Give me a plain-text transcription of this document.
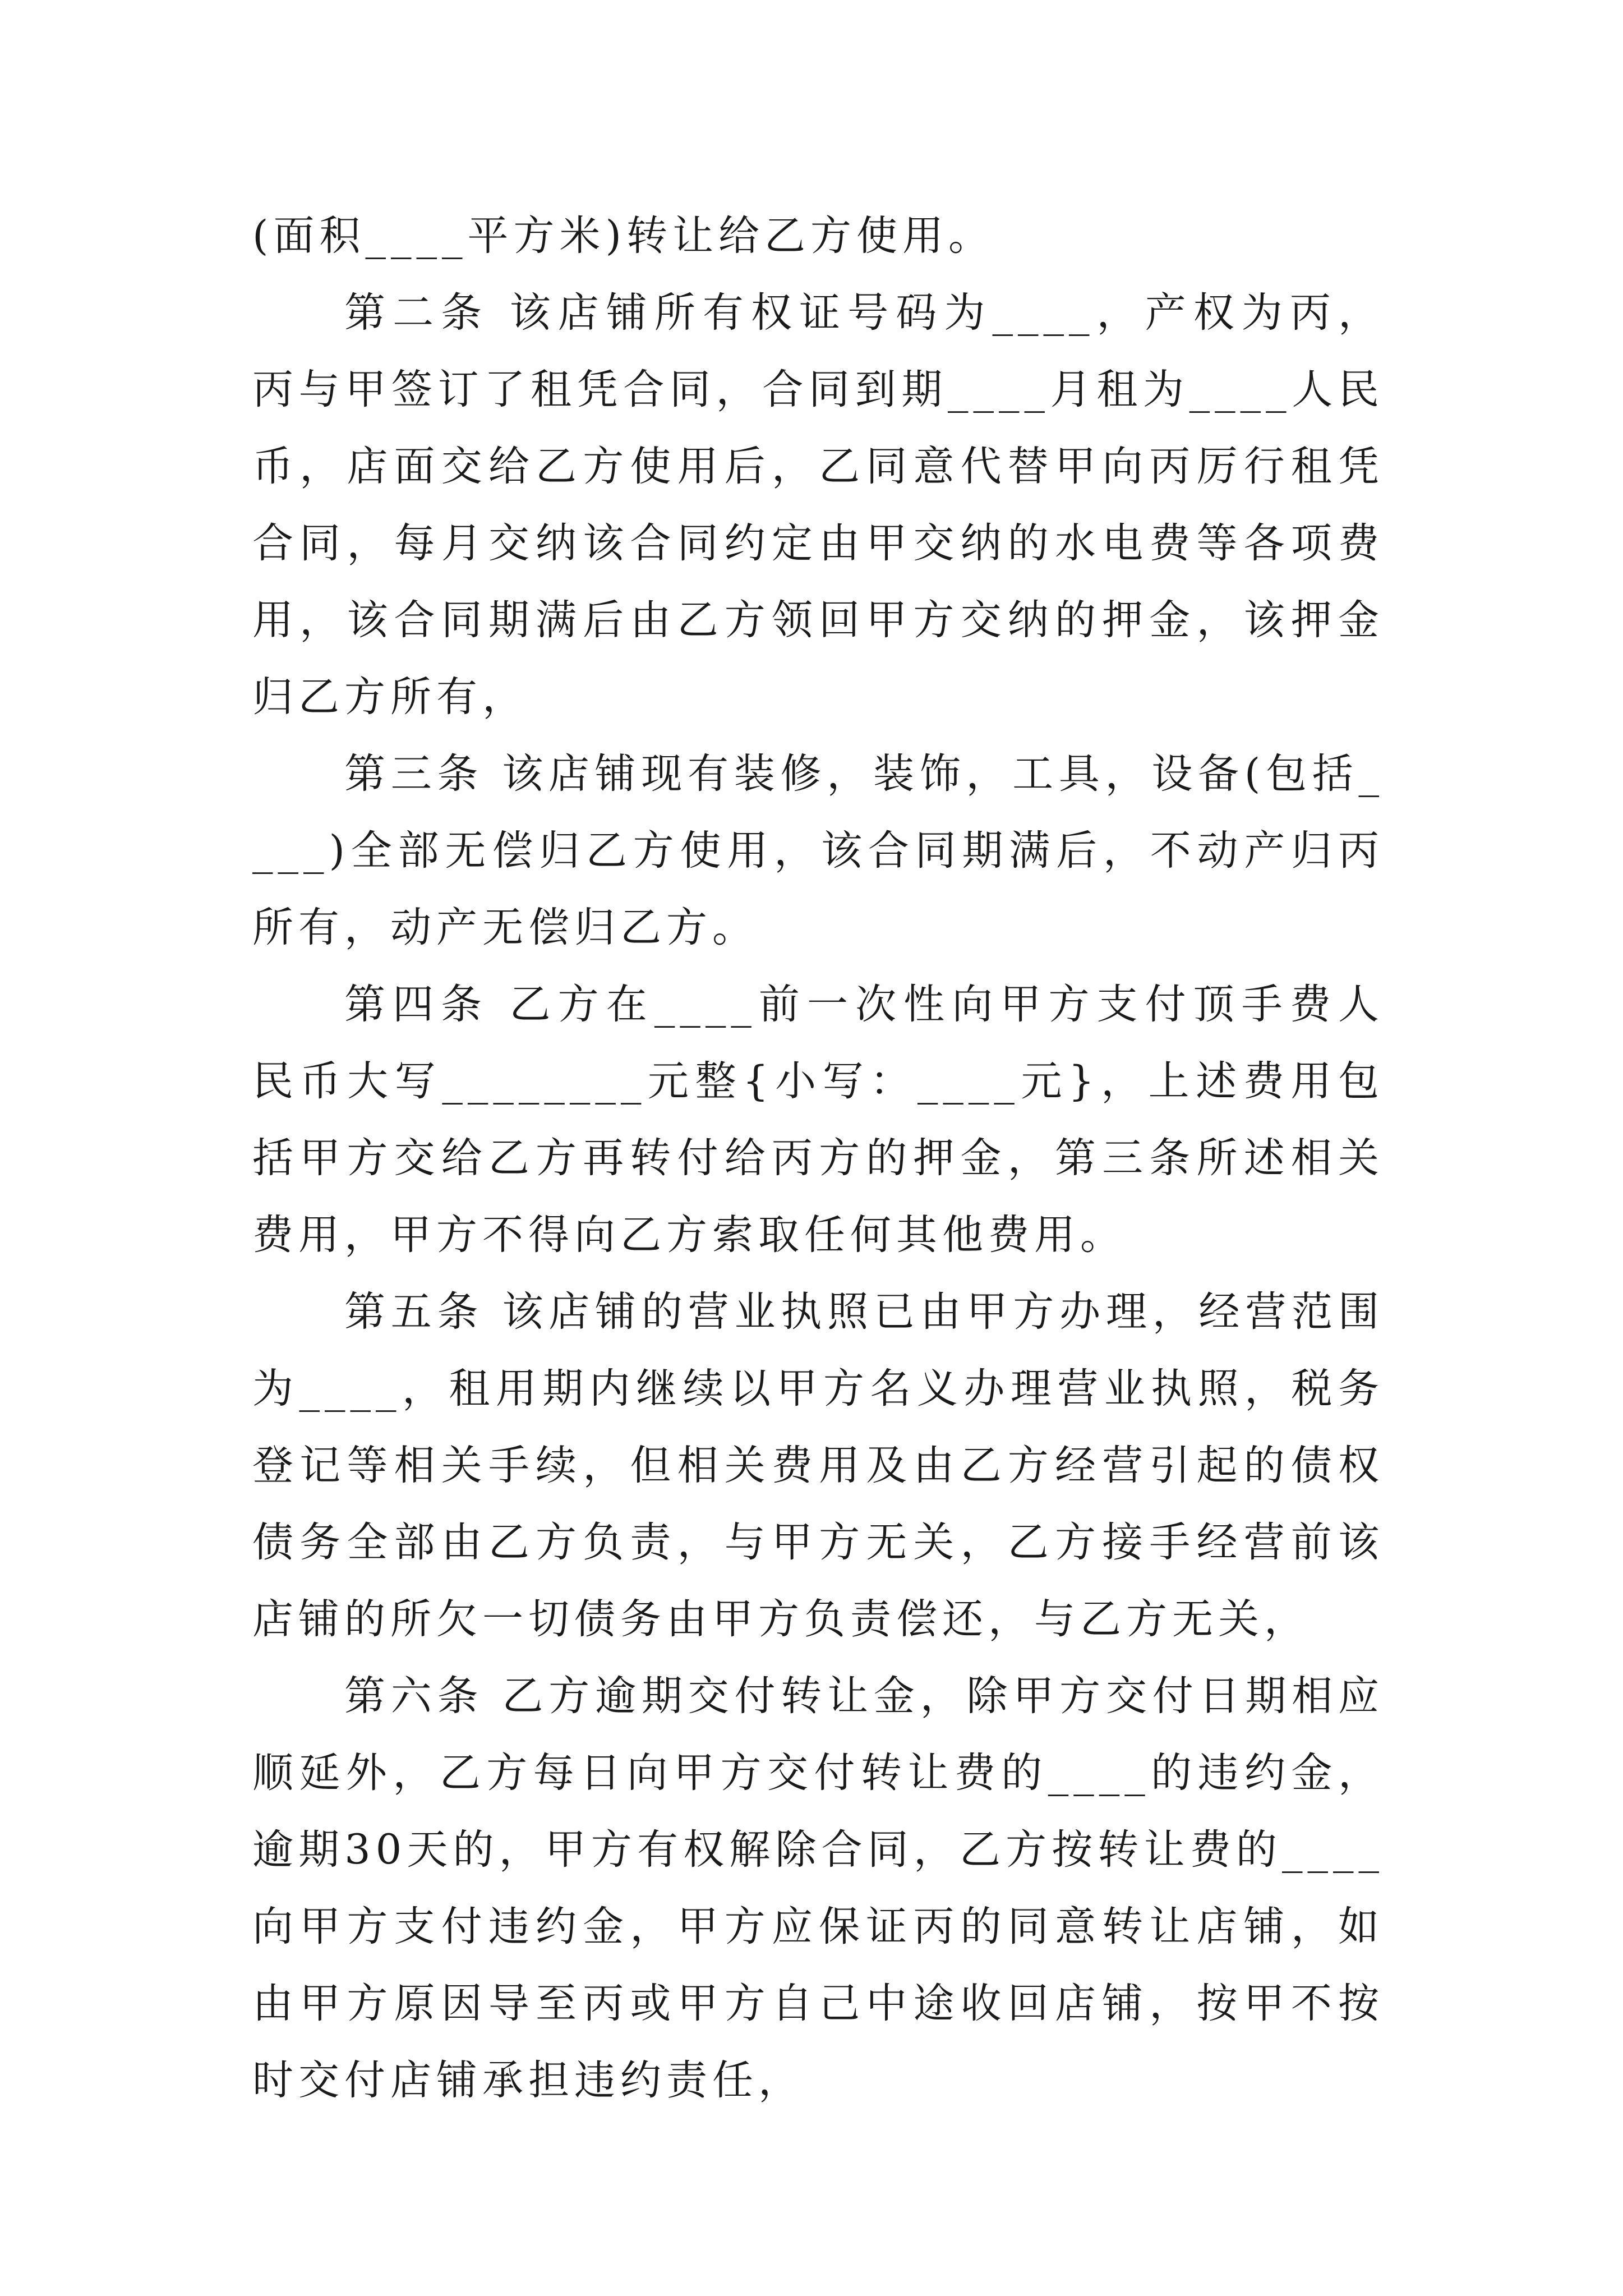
(面积____平方米)转让给乙方使用。

第二条 该店铺所有权证号码为____，产权为丙，丙与甲签订了租凭合同，合同到期____月租为____人民币，店面交给乙方使用后，乙同意代替甲向丙厉行租凭合同，每月交纳该合同约定由甲交纳的水电费等各项费用，该合同期满后由乙方领回甲方交纳的押金，该押金归乙方所有，

第三条 该店铺现有装修，装饰，工具，设备(包括____)全部无偿归乙方使用，该合同期满后，不动产归丙所有，动产无偿归乙方。

第四条 乙方在____前一次性向甲方支付顶手费人民币大写________元整{小写：____元}，上述费用包括甲方交给乙方再转付给丙方的押金，第三条所述相关费用，甲方不得向乙方索取任何其他费用。

第五条 该店铺的营业执照已由甲方办理，经营范围为____，租用期内继续以甲方名义办理营业执照，税务登记等相关手续，但相关费用及由乙方经营引起的债权债务全部由乙方负责，与甲方无关，乙方接手经营前该店铺的所欠一切债务由甲方负责偿还，与乙方无关，

第六条 乙方逾期交付转让金，除甲方交付日期相应顺延外，乙方每日向甲方交付转让费的____的违约金，逾期30天的，甲方有权解除合同，乙方按转让费的____向甲方支付违约金，甲方应保证丙的同意转让店铺，如由甲方原因导至丙或甲方自己中途收回店铺，按甲不按时交付店铺承担违约责任，
